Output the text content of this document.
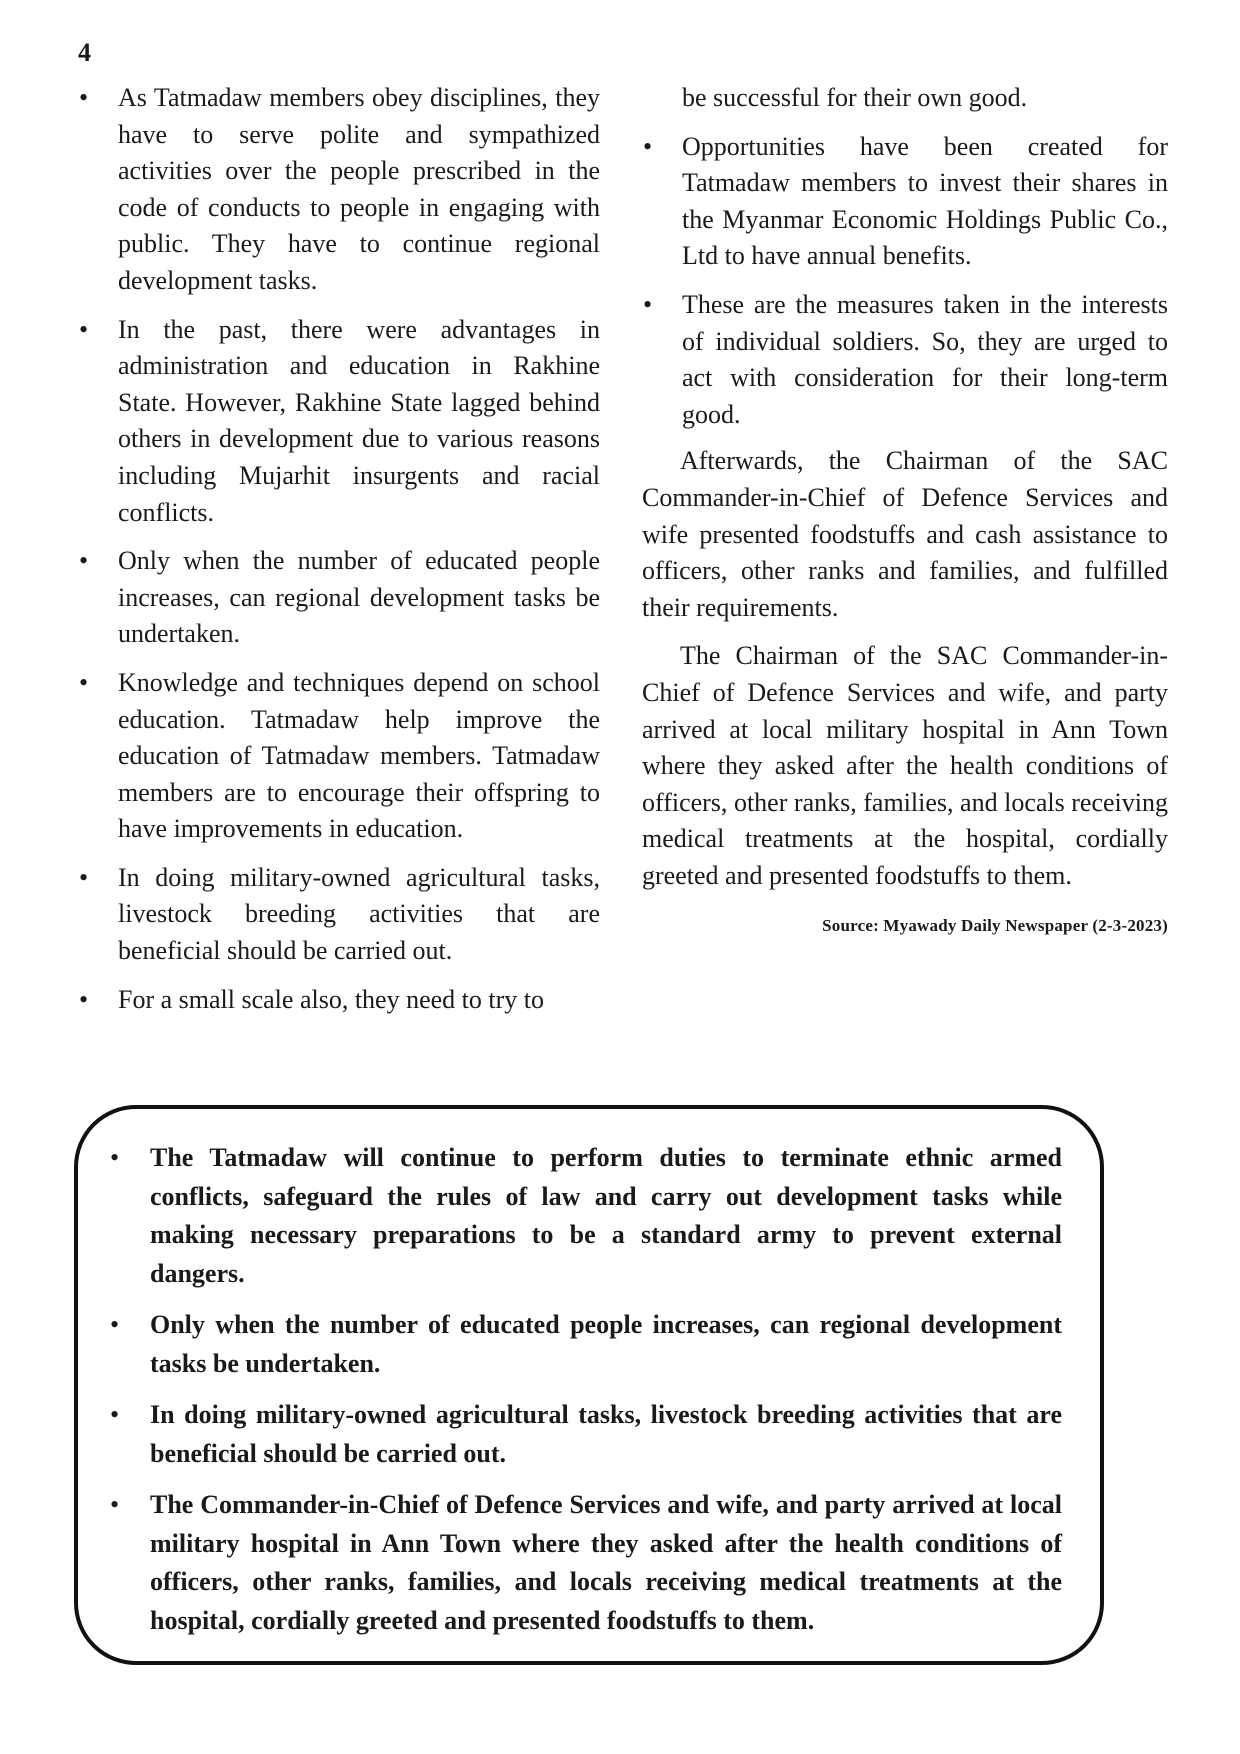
4
• As Tatmadaw members obey disciplines, they have to serve polite and sympathized activities over the people prescribed in the code of conducts to people in engaging with public. They have to continue regional development tasks.
• In the past, there were advantages in administration and education in Rakhine State. However, Rakhine State lagged behind others in development due to various reasons including Mujarhit insurgents and racial conflicts.
• Only when the number of educated people increases, can regional development tasks be undertaken.
• Knowledge and techniques depend on school education. Tatmadaw help improve the education of Tatmadaw members. Tatmadaw members are to encourage their offspring to have improvements in education.
• In doing military-owned agricultural tasks, livestock breeding activities that are beneficial should be carried out.
• For a small scale also, they need to try to
be successful for their own good.
• Opportunities have been created for Tatmadaw members to invest their shares in the Myanmar Economic Holdings Public Co., Ltd to have annual benefits.
• These are the measures taken in the interests of individual soldiers. So, they are urged to act with consideration for their long-term good.

Afterwards, the Chairman of the SAC Commander-in-Chief of Defence Services and wife presented foodstuffs and cash assistance to officers, other ranks and families, and fulfilled their requirements.

The Chairman of the SAC Commander-in-Chief of Defence Services and wife, and party arrived at local military hospital in Ann Town where they asked after the health conditions of officers, other ranks, families, and locals receiving medical treatments at the hospital, cordially greeted and presented foodstuffs to them.

Source: Myawady Daily Newspaper (2-3-2023)
• The Tatmadaw will continue to perform duties to terminate ethnic armed conflicts, safeguard the rules of law and carry out development tasks while making necessary preparations to be a standard army to prevent external dangers.
• Only when the number of educated people increases, can regional development tasks be undertaken.
• In doing military-owned agricultural tasks, livestock breeding activities that are beneficial should be carried out.
• The Commander-in-Chief of Defence Services and wife, and party arrived at local military hospital in Ann Town where they asked after the health conditions of officers, other ranks, families, and locals receiving medical treatments at the hospital, cordially greeted and presented foodstuffs to them.
